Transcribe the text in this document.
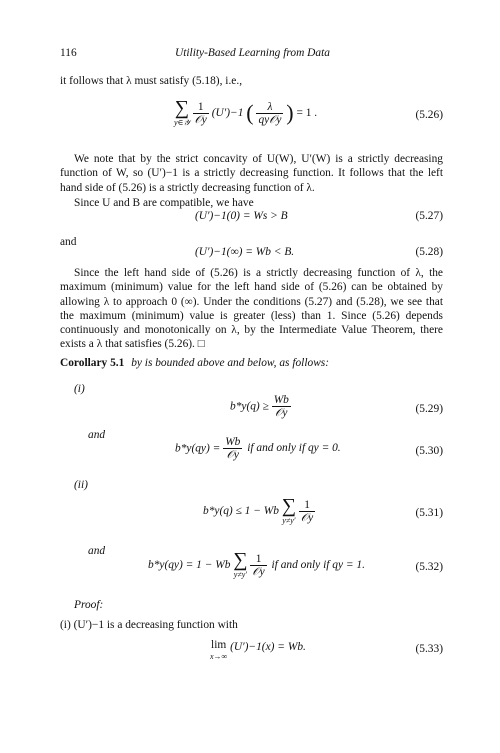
116	Utility-Based Learning from Data
it follows that λ must satisfy (5.18), i.e.,
∑
y∈𝒴
$\frac{1}{\text{𝒪y}} (U')-1$ ( $\frac{\lambda}{\text{qy𝒪y}}$ ) = 1 .	(5.26)
We note that by the strict concavity of U(W), U′(W) is a strictly decreasing function of W, so (U′)−1 is a strictly decreasing function. It follows that the left hand side of (5.26) is a strictly decreasing function of λ.
Since U and B are compatible, we have
(U′)−1(0) = Ws > B	(5.27)
and
(U′)−1(∞) = Wb < B.	(5.28)
Since the left hand side of (5.26) is a strictly decreasing function of λ, the maximum (minimum) value for the left hand side of (5.26) can be obtained by allowing λ to approach 0 (∞). Under the conditions (5.27) and (5.28), we see that the maximum (minimum) value is greater (less) than 1. Since (5.26) depends continuously and monotonically on λ, by the Intermediate Value Theorem, there exists a λ that satisfies (5.26). □
Corollary 5.1 by is bounded above and below, as follows:
(i)
$b*y(q) \ge \frac{Wb}{\text{𝒪y}}$	(5.29)
and
$b*y(qy) = \frac{Wb}{\text{𝒪y}}$ if and only if qy = 0.	(5.30)
(ii)
b*y(q) ≤ 1 − Wb ∑
y≠y′
$\frac{1}{\text{𝒪y}}$	(5.31)
and
b*y(qy) = 1 − Wb ∑
y≠y′
$\frac{1}{\text{𝒪y}}$ if and only if qy = 1.	(5.32)
Proof:
(i) (U′)−1 is a decreasing function with
lim
x→∞
(U′)−1(x) = Wb.	(5.33)
